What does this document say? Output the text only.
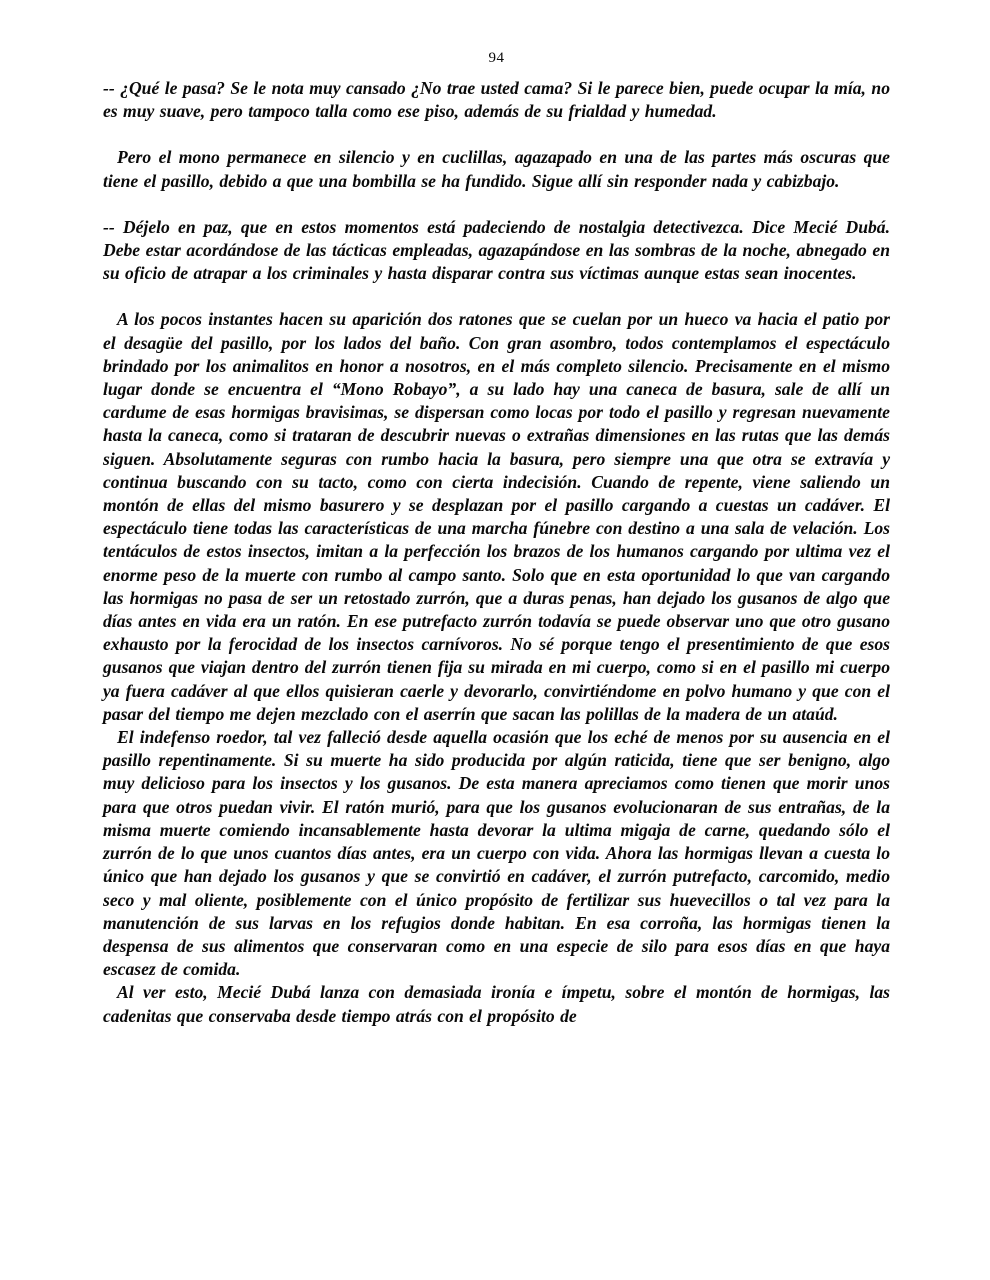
94

-- ¿Qué le pasa? Se le nota muy cansado ¿No trae usted cama? Si le parece bien, puede ocupar la mía, no es muy suave, pero tampoco talla como ese piso, además de su frialdad y humedad.

Pero el mono permanece en silencio y en cuclillas, agazapado en una de las partes más oscuras que tiene el pasillo, debido a que una bombilla se ha fundido. Sigue allí sin responder nada y cabizbajo.

-- Déjelo en paz, que en estos momentos está padeciendo de nostalgia detectivezca. Dice Mecié Dubá. Debe estar acordándose de las tácticas empleadas, agazapándose en las sombras de la noche, abnegado en su oficio de atrapar a los criminales y hasta disparar contra sus víctimas aunque estas sean inocentes.

A los pocos instantes hacen su aparición dos ratones que se cuelan por un hueco va hacia el patio por el desagüe del pasillo, por los lados del baño. Con gran asombro, todos contemplamos el espectáculo brindado por los animalitos en honor a nosotros, en el más completo silencio. Precisamente en el mismo lugar donde se encuentra el “Mono Robayo”, a su lado hay una caneca de basura, sale de allí un cardume de esas hormigas bravisimas, se dispersan como locas por todo el pasillo y regresan nuevamente hasta la caneca, como si trataran de descubrir nuevas o extrañas dimensiones en las rutas que las demás siguen. Absolutamente seguras con rumbo hacia la basura, pero siempre una que otra se extravía y continua buscando con su tacto, como con cierta indecisión. Cuando de repente, viene saliendo un montón de ellas del mismo basurero y se desplazan por el pasillo cargando a cuestas un cadáver. El espectáculo tiene todas las características de una marcha fúnebre con destino a una sala de velación. Los tentáculos de estos insectos, imitan a la perfección los brazos de los humanos cargando por ultima vez el enorme peso de la muerte con rumbo al campo santo. Solo que en esta oportunidad lo que van cargando las hormigas no pasa de ser un retostado zurrón, que a duras penas, han dejado los gusanos de algo que días antes en vida era un ratón. En ese putrefacto zurrón todavía se puede observar uno que otro gusano exhausto por la ferocidad de los insectos carnívoros. No sé porque tengo el presentimiento de que esos gusanos que viajan dentro del zurrón tienen fija su mirada en mi cuerpo, como si en el pasillo mi cuerpo ya fuera cadáver al que ellos quisieran caerle y devorarlo, convirtiéndome en polvo humano y que con el pasar del tiempo me dejen mezclado con el aserrín que sacan las polillas de la madera de un ataúd.

El indefenso roedor, tal vez falleció desde aquella ocasión que los eché de menos por su ausencia en el pasillo repentinamente. Si su muerte ha sido producida por algún raticida, tiene que ser benigno, algo muy delicioso para los insectos y los gusanos. De esta manera apreciamos como tienen que morir unos para que otros puedan vivir. El ratón murió, para que los gusanos evolucionaran de sus entrañas, de la misma muerte comiendo incansablemente hasta devorar la ultima migaja de carne, quedando sólo el zurrón de lo que unos cuantos días antes, era un cuerpo con vida. Ahora las hormigas llevan a cuesta lo único que han dejado los gusanos y que se convirtió en cadáver, el zurrón putrefacto, carcomido, medio seco y mal oliente, posiblemente con el único propósito de fertilizar sus huevecillos o tal vez para la manutención de sus larvas en los refugios donde habitan. En esa corroña, las hormigas tienen la despensa de sus alimentos que conservaran como en una especie de silo para esos días en que haya escasez de comida.

Al ver esto, Mecié Dubá lanza con demasiada ironía e ímpetu, sobre el montón de hormigas, las cadenitas que conservaba desde tiempo atrás con el propósito de
